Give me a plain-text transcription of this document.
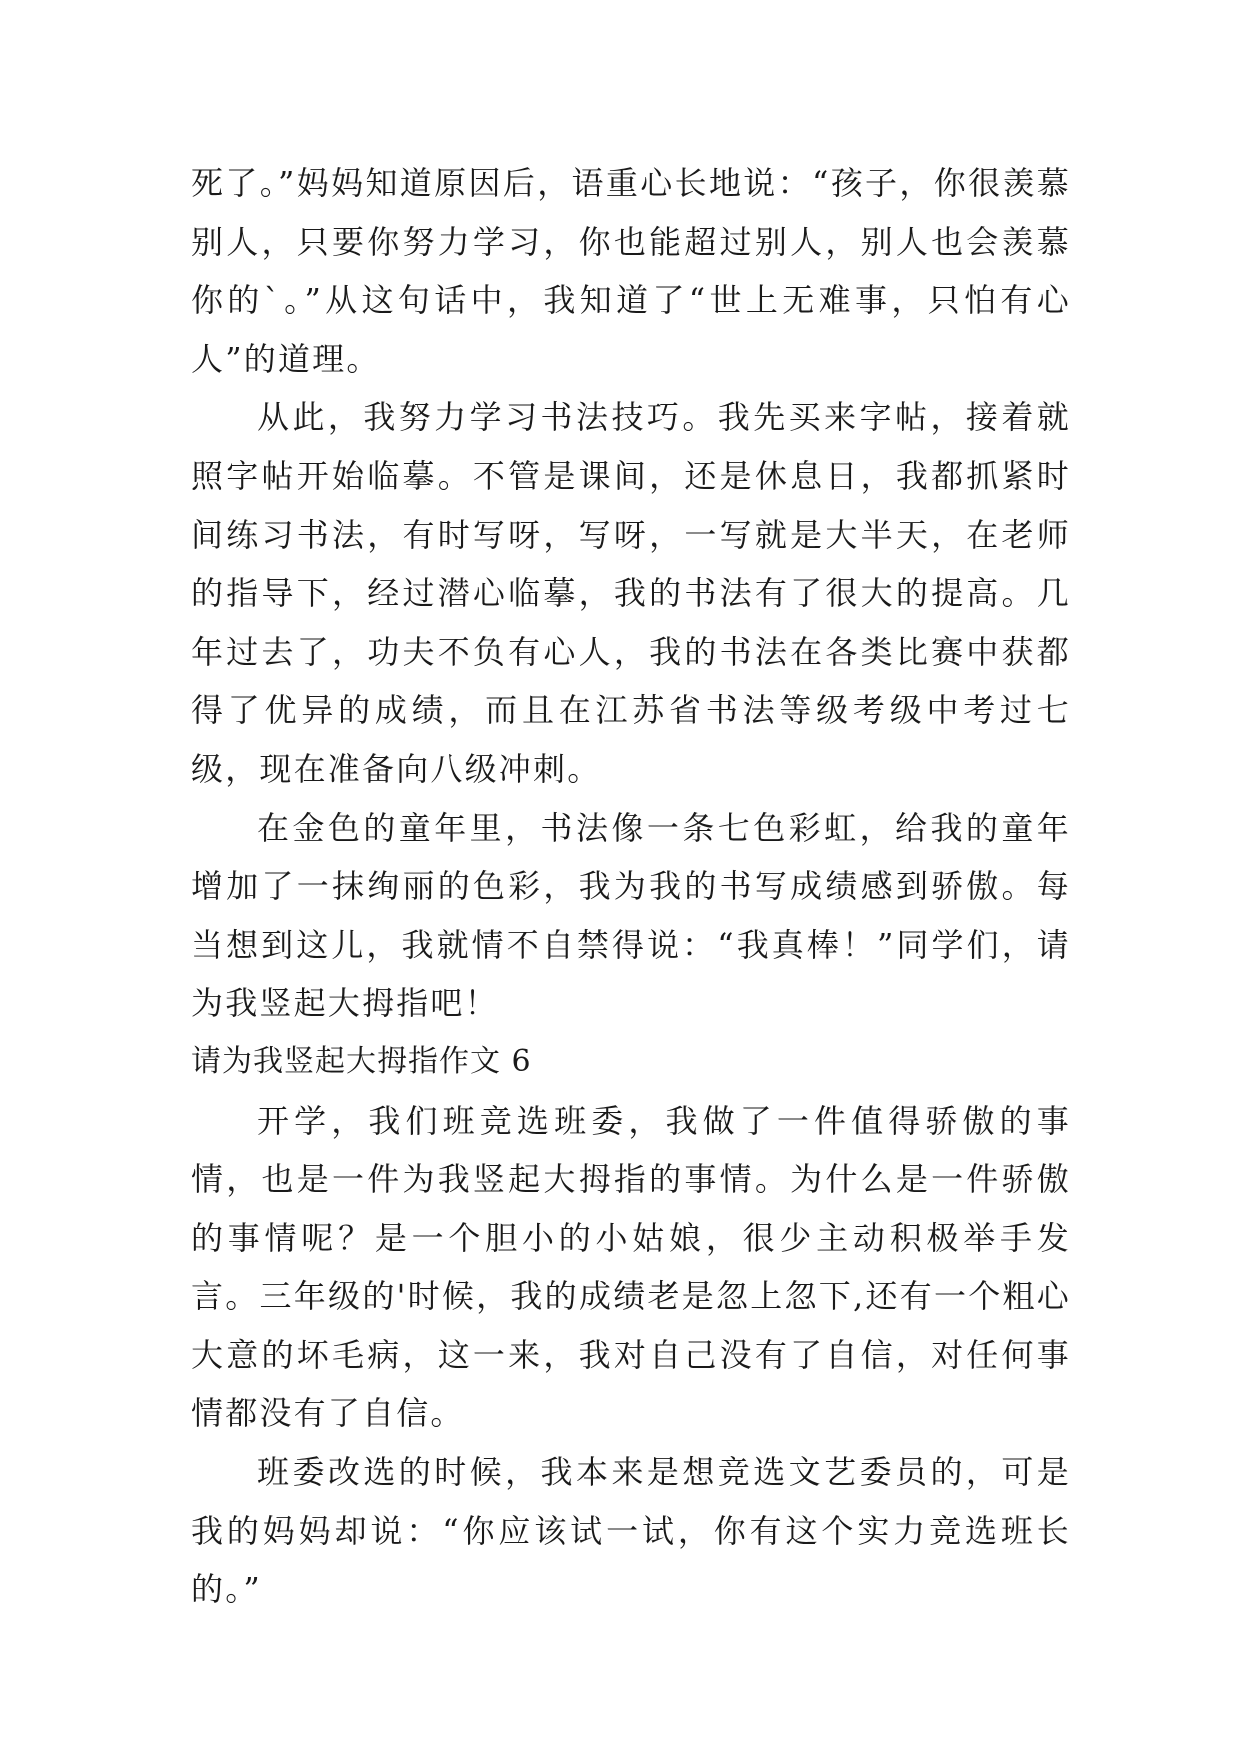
死了。”妈妈知道原因后，语重心长地说：“孩子，你很羡慕别人，只要你努力学习，你也能超过别人，别人也会羡慕你的`。”从这句话中，我知道了“世上无难事，只怕有心人”的道理。

从此，我努力学习书法技巧。我先买来字帖，接着就照字帖开始临摹。不管是课间，还是休息日，我都抓紧时间练习书法，有时写呀，写呀，一写就是大半天，在老师的指导下，经过潜心临摹，我的书法有了很大的提高。几年过去了，功夫不负有心人，我的书法在各类比赛中获都得了优异的成绩，而且在江苏省书法等级考级中考过七级，现在准备向八级冲刺。

在金色的童年里，书法像一条七色彩虹，给我的童年增加了一抹绚丽的色彩，我为我的书写成绩感到骄傲。每当想到这儿，我就情不自禁得说：“我真棒！”同学们，请为我竖起大拇指吧！

请为我竖起大拇指作文 6

开学，我们班竞选班委，我做了一件值得骄傲的事情，也是一件为我竖起大拇指的事情。为什么是一件骄傲的事情呢？是一个胆小的小姑娘，很少主动积极举手发言。三年级的'时候，我的成绩老是忽上忽下,还有一个粗心大意的坏毛病，这一来，我对自己没有了自信，对任何事情都没有了自信。

班委改选的时候，我本来是想竞选文艺委员的，可是我的妈妈却说：“你应该试一试，你有这个实力竞选班长的。”
